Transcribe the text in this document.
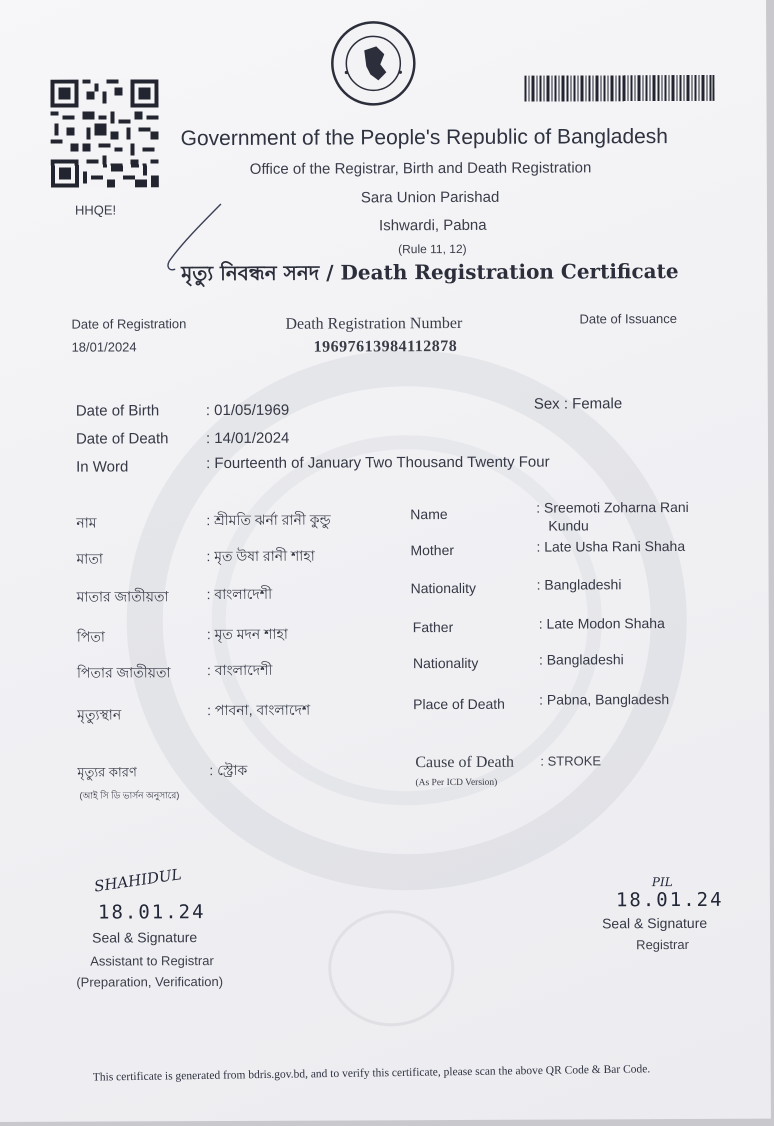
HHQE!
Government of the People's Republic of Bangladesh
Office of the Registrar, Birth and Death Registration
Sara Union Parishad
Ishwardi, Pabna
(Rule 11, 12)
মৃত্যু নিবন্ধন সনদ / Death Registration Certificate
Date of Registration
18/01/2024
Death Registration Number
19697613984112878
Date of Issuance
Date of Birth	: 01/05/1969	Sex : Female
Date of Death : 14/01/2024
In Word	: Fourteenth of January Two Thousand Twenty Four
নাম	: শ্রীমতি ঝর্না রানী কুন্ডু	Name	: Sreemoti Zoharna Rani
Kundu
মাতা	: মৃত উষা রানী শাহা	Mother	: Late Usha Rani Shaha
মাতার জাতীয়তা	: বাংলাদেশী	Nationality	: Bangladeshi
পিতা	: মৃত মদন শাহা	Father	: Late Modon Shaha
পিতার জাতীয়তা	: বাংলাদেশী	Nationality	: Bangladeshi
মৃত্যুস্থান	: পাবনা, বাংলাদেশ	Place of Death : Pabna, Bangladesh
মৃত্যুর কারণ
(আই সি ডি ভার্সন অনুসারে)
: স্ট্রোক	Cause of Death : STROKE
(As Per ICD Version)
SHAHIDUL
18.01.24
Seal & Signature
Assistant to Registrar
(Preparation, Verification)
PIL
18.01.24
Seal & Signature
Registrar
This certificate is generated from bdris.gov.bd, and to verify this certificate, please scan the above QR Code & Bar Code.
